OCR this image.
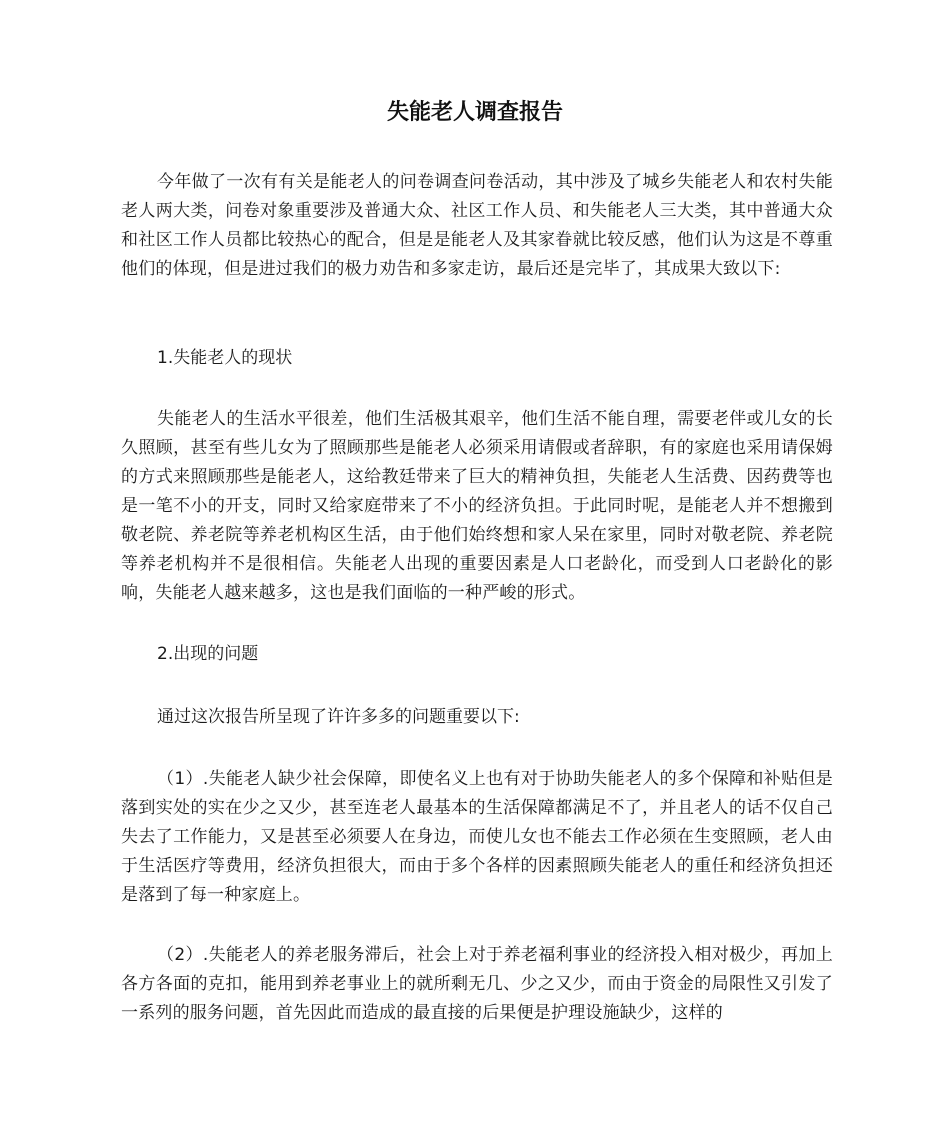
失能老人调查报告

今年做了一次有有关是能老人的问卷调查问卷活动，其中涉及了城乡失能老人和农村失能老人两大类，问卷对象重要涉及普通大众、社区工作人员、和失能老人三大类，其中普通大众和社区工作人员都比较热心的配合，但是是能老人及其家眷就比较反感，他们认为这是不尊重他们的体现，但是进过我们的极力劝告和多家走访，最后还是完毕了，其成果大致以下:

1.失能老人的现状

失能老人的生活水平很差，他们生活极其艰辛，他们生活不能自理，需要老伴或儿女的长久照顾，甚至有些儿女为了照顾那些是能老人必须采用请假或者辞职，有的家庭也采用请保姆的方式来照顾那些是能老人，这给教廷带来了巨大的精神负担，失能老人生活费、因药费等也是一笔不小的开支，同时又给家庭带来了不小的经济负担。于此同时呢，是能老人并不想搬到敬老院、养老院等养老机构区生活，由于他们始终想和家人呆在家里，同时对敬老院、养老院等养老机构并不是很相信。失能老人出现的重要因素是人口老龄化，而受到人口老龄化的影响，失能老人越来越多，这也是我们面临的一种严峻的形式。

2.出现的问题
通过这次报告所呈现了许许多多的问题重要以下:

（1）.失能老人缺少社会保障，即使名义上也有对于协助失能老人的多个保障和补贴但是落到实处的实在少之又少，甚至连老人最基本的生活保障都满足不了，并且老人的话不仅自己失去了工作能力，又是甚至必须要人在身边，而使儿女也不能去工作必须在生变照顾，老人由于生活医疗等费用，经济负担很大，而由于多个各样的因素照顾失能老人的重任和经济负担还是落到了每一种家庭上。

（2）.失能老人的养老服务滞后，社会上对于养老福利事业的经济投入相对极少，再加上各方各面的克扣，能用到养老事业上的就所剩无几、少之又少，而由于资金的局限性又引发了一系列的服务问题，首先因此而造成的最直接的后果便是护理设施缺少，这样的
